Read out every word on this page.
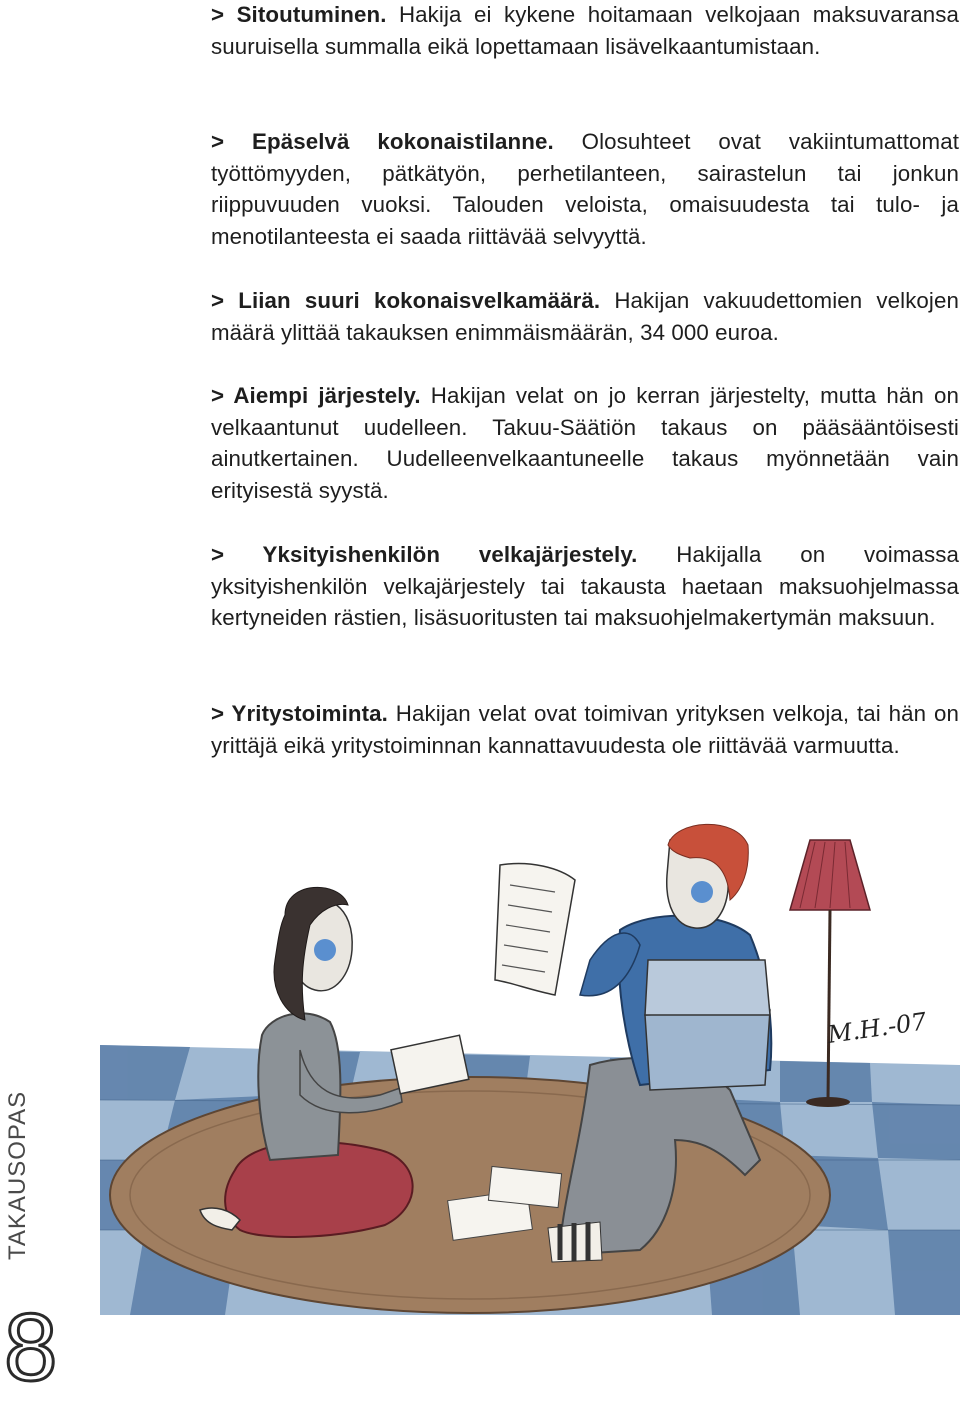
> Sitoutuminen. Hakija ei kykene hoitamaan velkojaan maksuvaransa suuruisella summalla eikä lopettamaan lisävelkaantumistaan.

> Epäselvä kokonaistilanne. Olosuhteet ovat vakiintumattomat työttömyyden, pätkätyön, perhetilanteen, sairastelun tai jonkun riippuvuuden vuoksi. Talouden veloista, omaisuudesta tai tulo- ja menotilanteesta ei saada riittävää selvyyttä.

> Liian suuri kokonaisvelkamäärä. Hakijan vakuudettomien velkojen määrä ylittää takauksen enimmäismäärän, 34 000 euroa.

> Aiempi järjestely. Hakijan velat on jo kerran järjestelty, mutta hän on velkaantunut uudelleen. Takuu-Säätiön takaus on pääsääntöisesti ainutkertainen. Uudelleenvelkaantuneelle takaus myönnetään vain erityisestä syystä.

> Yksityishenkilön velkajärjestely. Hakijalla on voimassa yksityishenkilön velkajärjestely tai takausta haetaan maksuohjelmassa kertyneiden rästien, lisäsuoritusten tai maksuohjelmakertymän maksuun.

> Yritystoiminta. Hakijan velat ovat toimivan yrityksen velkoja, tai hän on yrittäjä eikä yritystoiminnan kannattavuudesta ole riittävää varmuutta.

M.H.-07
TAKAUSOPAS
8
